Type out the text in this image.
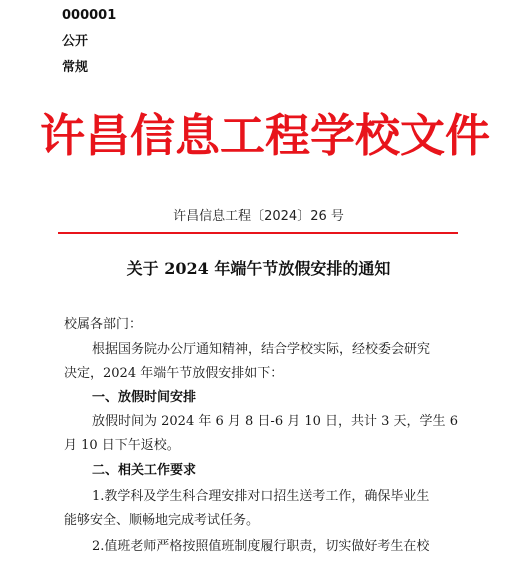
000001
公开
常规
许昌信息工程学校文件
许昌信息工程〔2024〕26 号
关于 2024 年端午节放假安排的通知
校属各部门：
根据国务院办公厅通知精神，结合学校实际，经校委会研究
决定，2024 年端午节放假安排如下：
一、放假时间安排
放假时间为 2024 年 6 月 8 日-6 月 10 日，共计 3 天，学生 6
月 10 日下午返校。
二、相关工作要求
1.教学科及学生科合理安排对口招生送考工作，确保毕业生
能够安全、顺畅地完成考试任务。
2.值班老师严格按照值班制度履行职责，切实做好考生在校
